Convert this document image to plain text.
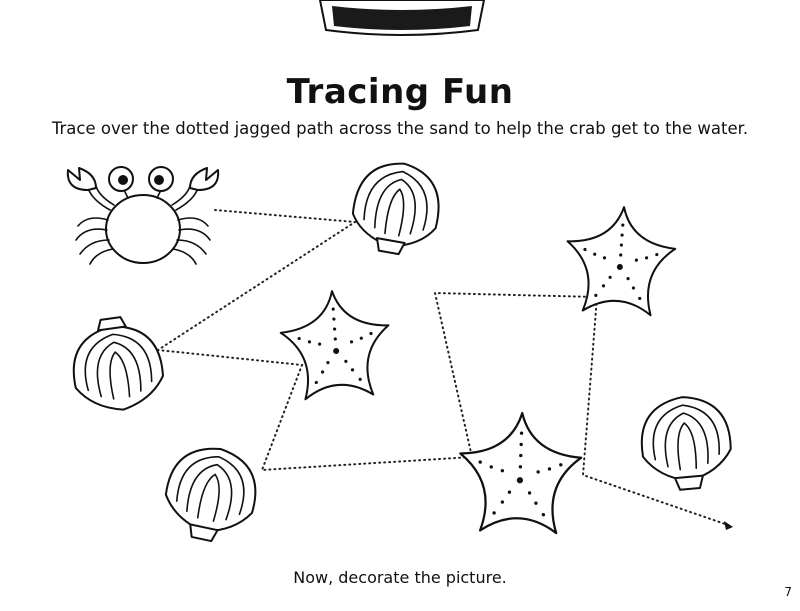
Tracing Fun
Trace over the dotted jagged path across the sand to help the crab get to the water.
Now, decorate the picture.
7
